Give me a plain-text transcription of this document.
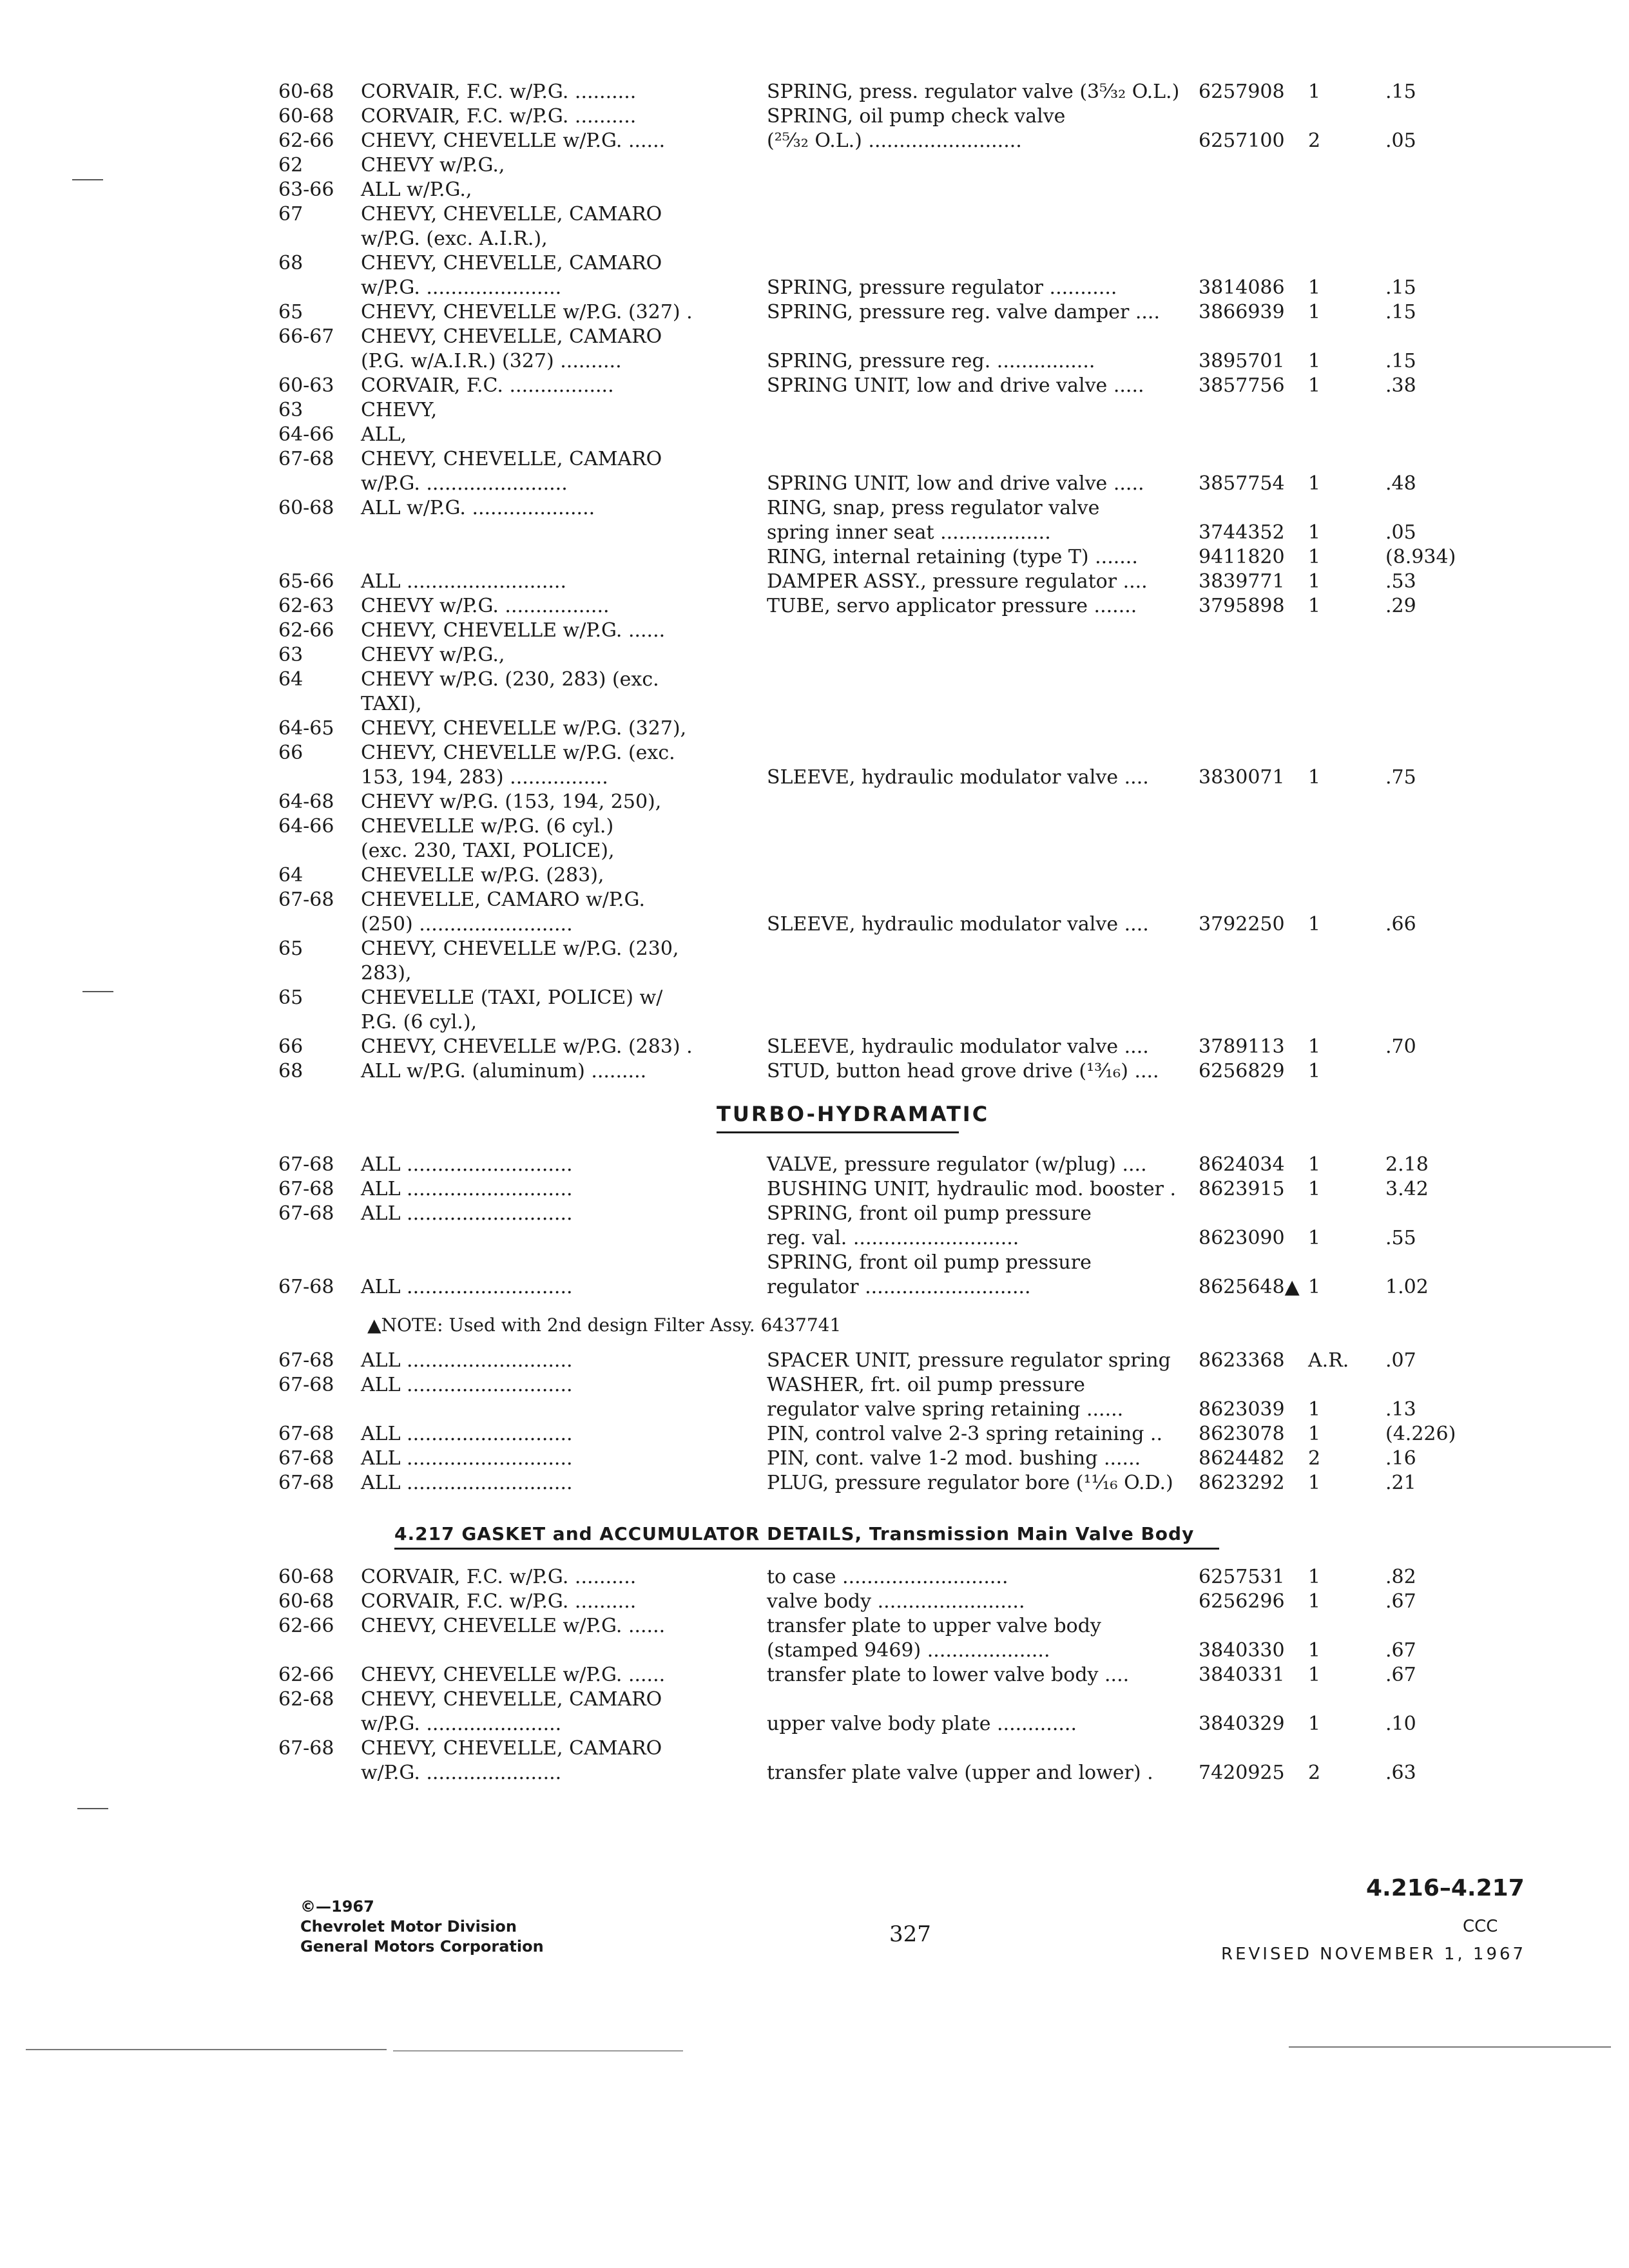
60-68 CORVAIR, F.C. w/P.G. ..........	SPRING, press. regulator valve (3⁵⁄₃₂ O.L.) 6257908 1	.15
60-68 CORVAIR, F.C. w/P.G. ..........	SPRING, oil pump check valve
62-66 CHEVY, CHEVELLE w/P.G. ......	(²⁵⁄₃₂ O.L.) .........................	6257100 2	.05
62	CHEVY w/P.G.,
63-66 ALL w/P.G.,
67	CHEVY, CHEVELLE, CAMARO
w/P.G. (exc. A.I.R.),
68	CHEVY, CHEVELLE, CAMARO
w/P.G. ......................	SPRING, pressure regulator ...........	3814086 1	.15
65	CHEVY, CHEVELLE w/P.G. (327) .	SPRING, pressure reg. valve damper .... 3866939 1	.15
66-67 CHEVY, CHEVELLE, CAMARO
(P.G. w/A.I.R.) (327) ..........	SPRING, pressure reg. ................	3895701 1	.15
60-63 CORVAIR, F.C. .................	SPRING UNIT, low and drive valve .....	3857756 1	.38
63	CHEVY,
64-66 ALL,
67-68 CHEVY, CHEVELLE, CAMARO
w/P.G. .......................	SPRING UNIT, low and drive valve .....	3857754 1	.48
60-68 ALL w/P.G. ....................	RING, snap, press regulator valve
spring inner seat ..................	3744352 1	.05
RING, internal retaining (type T) .......	9411820 1	(8.934)
65-66 ALL ..........................	DAMPER ASSY., pressure regulator ....	3839771 1	.53
62-63 CHEVY w/P.G. .................	TUBE, servo applicator pressure .......	3795898 1	.29
62-66 CHEVY, CHEVELLE w/P.G. ......
63	CHEVY w/P.G.,
64	CHEVY w/P.G. (230, 283) (exc.
TAXI),
64-65 CHEVY, CHEVELLE w/P.G. (327),
66	CHEVY, CHEVELLE w/P.G. (exc.
153, 194, 283) ................	SLEEVE, hydraulic modulator valve ....	3830071 1	.75
64-68 CHEVY w/P.G. (153, 194, 250),
64-66 CHEVELLE w/P.G. (6 cyl.)
(exc. 230, TAXI, POLICE),
64	CHEVELLE w/P.G. (283),
67-68 CHEVELLE, CAMARO w/P.G.
(250) .........................	SLEEVE, hydraulic modulator valve ....	3792250 1	.66
65	CHEVY, CHEVELLE w/P.G. (230,
283),
65	CHEVELLE (TAXI, POLICE) w/
P.G. (6 cyl.),
66	CHEVY, CHEVELLE w/P.G. (283) .	SLEEVE, hydraulic modulator valve ....	3789113 1	.70
68	ALL w/P.G. (aluminum) .........	STUD, button head grove drive (¹³⁄₁₆) .... 6256829 1
TURBO-HYDRAMATIC
67-68 ALL ...........................	VALVE, pressure regulator (w/plug) ....	8624034 1	2.18
67-68 ALL ...........................	BUSHING UNIT, hydraulic mod. booster . 8623915 1	3.42
67-68 ALL ...........................	SPRING, front oil pump pressure
reg. val. ...........................	8623090 1	.55
SPRING, front oil pump pressure
67-68 ALL ...........................	regulator ...........................	8625648▲ 1	1.02
67-68 ALL ...........................	SPACER UNIT, pressure regulator spring 8623368 A.R. .07
67-68 ALL ...........................	WASHER, frt. oil pump pressure
regulator valve spring retaining ......	8623039 1	.13
67-68 ALL ...........................	PIN, control valve 2-3 spring retaining .. 8623078 1	(4.226)
67-68 ALL ...........................	PIN, cont. valve 1-2 mod. bushing ......	8624482 2	.16
67-68 ALL ...........................	PLUG, pressure regulator bore (¹¹⁄₁₆ O.D.) 8623292 1	.21
▲NOTE: Used with 2nd design Filter Assy. 6437741
4.217 GASKET and ACCUMULATOR DETAILS, Transmission Main Valve Body
60-68 CORVAIR, F.C. w/P.G. ..........	to case ...........................	6257531 1	.82
60-68 CORVAIR, F.C. w/P.G. ..........	valve body ........................	6256296 1	.67
62-66 CHEVY, CHEVELLE w/P.G. ......	transfer plate to upper valve body
(stamped 9469) ....................	3840330 1	.67
62-66 CHEVY, CHEVELLE w/P.G. ......	transfer plate to lower valve body ....	3840331 1	.67
62-68 CHEVY, CHEVELLE, CAMARO
w/P.G. ......................	upper valve body plate .............	3840329 1	.10
67-68 CHEVY, CHEVELLE, CAMARO
w/P.G. ......................	transfer plate valve (upper and lower) . 7420925 2	.63
©—1967
Chevrolet Motor Division
General Motors Corporation	327
4.216–4.217
CCC
REVISED NOVEMBER 1, 1967
